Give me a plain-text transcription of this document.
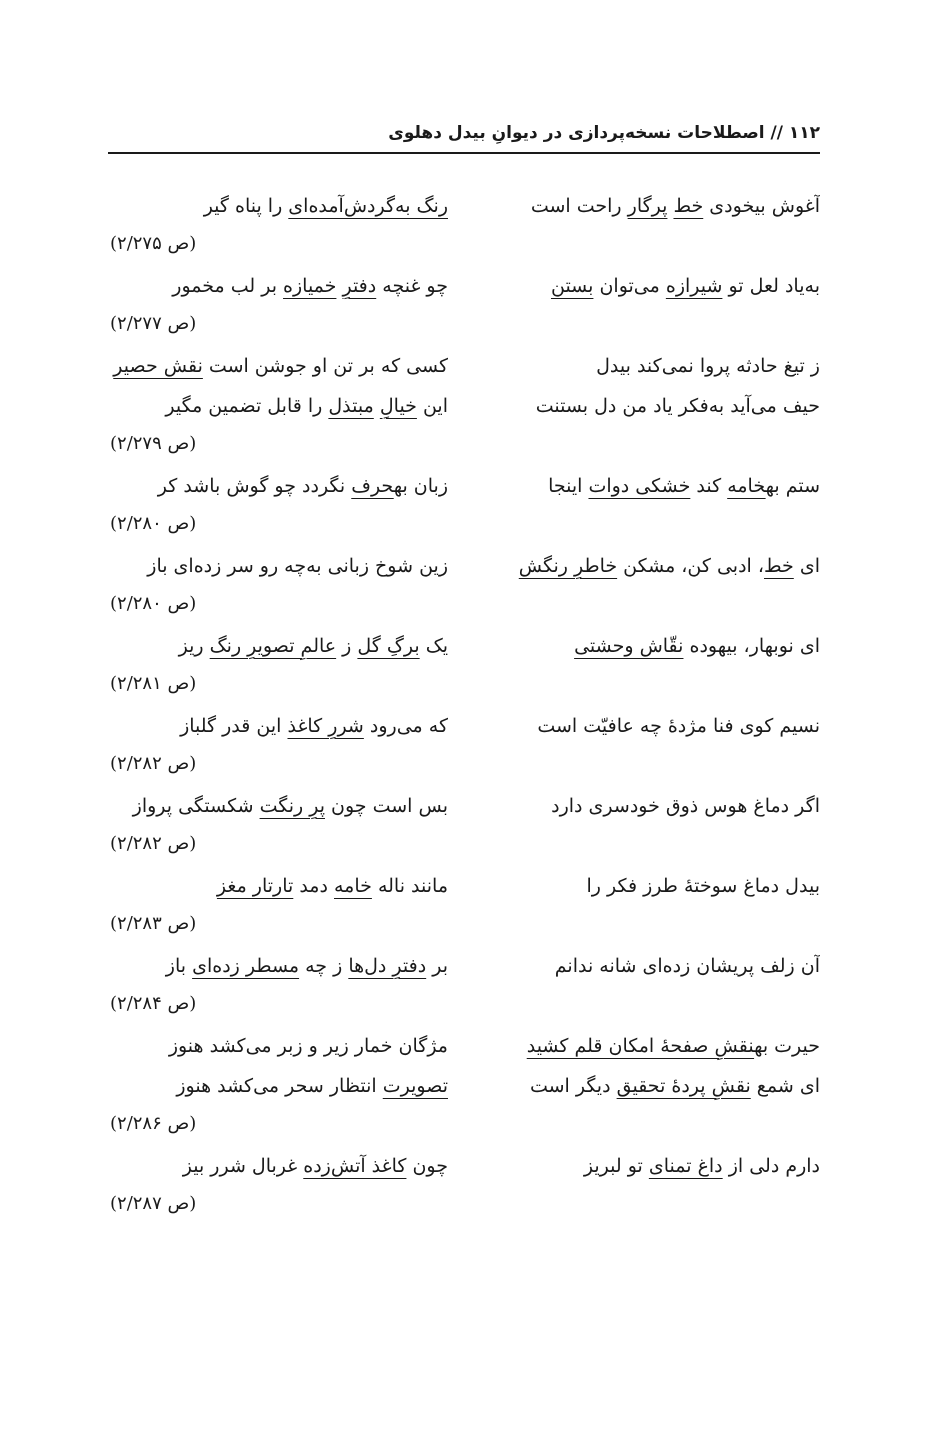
۱۱۲ // اصطلاحات نسخه‌پردازی در دیوانِ بیدل دهلوی
آغوش بیخودی خط پرگار راحت است
رنگ به‌گردش‌آمده‌ای را پناه گیر
(ص ۲/۲۷۵)
به‌یاد لعل تو شیرازه می‌توان بستن
چو غنچه دفترِ خمیازه بر لب مخمور
(ص ۲/۲۷۷)
ز تیغ حادثه پروا نمی‌کند بیدل
کسی که بر تن او جوشن است نقش حصیر
حیف می‌آید به‌فکر یاد من دل بستنت
این خیالِ مبتذل را قابل تضمین مگیر
(ص ۲/۲۷۹)
ستم بهخامه کند خشکی دوات اینجا
زبان بهحرف نگردد چو گوش باشد کر
(ص ۲/۲۸۰)
ای خط، ادبی کن، مشکن خاطرِ رنگش
زین شوخ زبانی به‌چه رو سر زده‌ای باز
(ص ۲/۲۸۰)
ای نوبهار، بیهوده نقّاش وحشتی
یک برگِ گل ز عالمِ تصویرِ رنگ ریز
(ص ۲/۲۸۱)
نسیم کوی فنا مژدهٔ چه عافیّت است
که می‌رود شررِ کاغذ این قدر گلباز
(ص ۲/۲۸۲)
اگر دماغ هوس ذوق خودسری دارد
بس است چون پرِ رنگت شکستگی پرواز
(ص ۲/۲۸۲)
بیدل دماغ سوختهٔ طرز فکر را
مانند ناله خامه دمد تارتار مغز
(ص ۲/۲۸۳)
آن زلف پریشان زده‌ای شانه ندانم
بر دفترِ دل‌ها ز چه مسطر زده‌ای باز
(ص ۲/۲۸۴)
حیرت بهنقشِ صفحهٔ امکان قلم کشید
مژگان خمار زیر و زبر می‌کشد هنوز
ای شمع نقشِ پردهٔ تحقیق دیگر است
تصویرت انتظار سحر می‌کشد هنوز
(ص ۲/۲۸۶)
دارم دلی از داغ تمنای تو لبریز
چون کاغذ آتش‌زده غربال شرر بیز
(ص ۲/۲۸۷)
